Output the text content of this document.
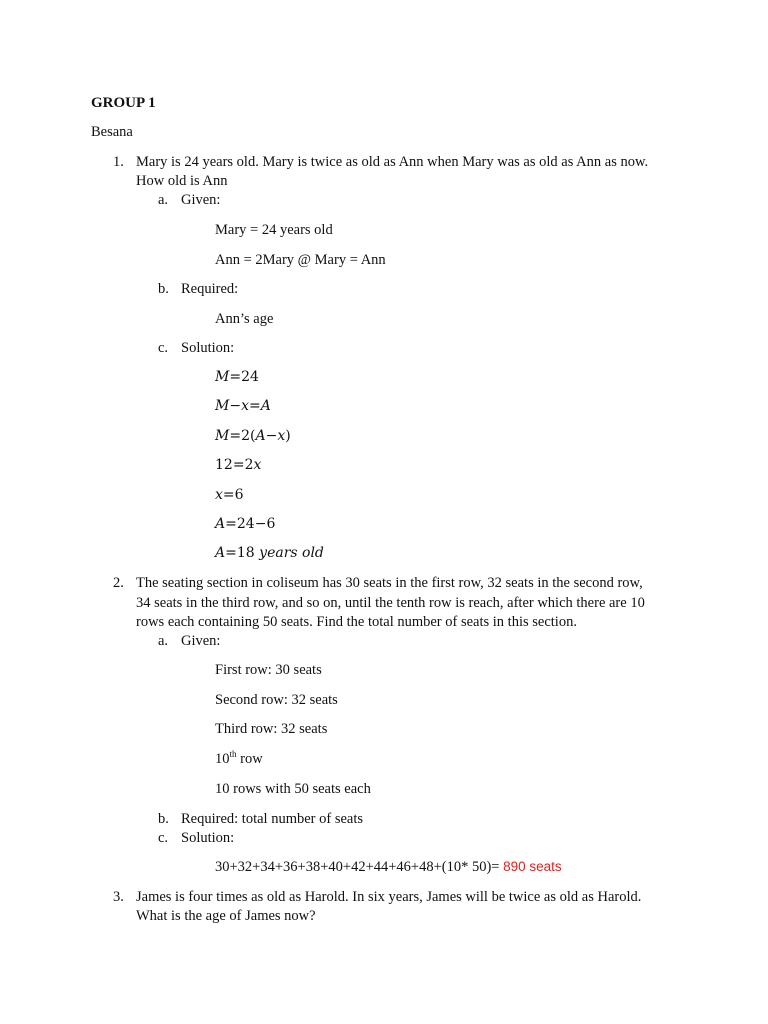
GROUP 1
Besana
1. Mary is 24 years old. Mary is twice as old as Ann when Mary was as old as Ann as now.
How old is Ann
a. Given:
Mary = 24 years old
Ann = 2Mary @ Mary = Ann
b. Required:
Ann’s age
c. Solution:
M=24
M−x=A
M=2(A−x)
12=2x
x=6
A=24−6
A=18 years old
2. The seating section in coliseum has 30 seats in the first row, 32 seats in the second row,
34 seats in the third row, and so on, until the tenth row is reach, after which there are 10
rows each containing 50 seats. Find the total number of seats in this section.
a. Given:
First row: 30 seats
Second row: 32 seats
Third row: 32 seats
10th row
10 rows with 50 seats each
b. Required: total number of seats
c. Solution:
30+32+34+36+38+40+42+44+46+48+(10* 50)= 890 seats
3. James is four times as old as Harold. In six years, James will be twice as old as Harold.
What is the age of James now?
